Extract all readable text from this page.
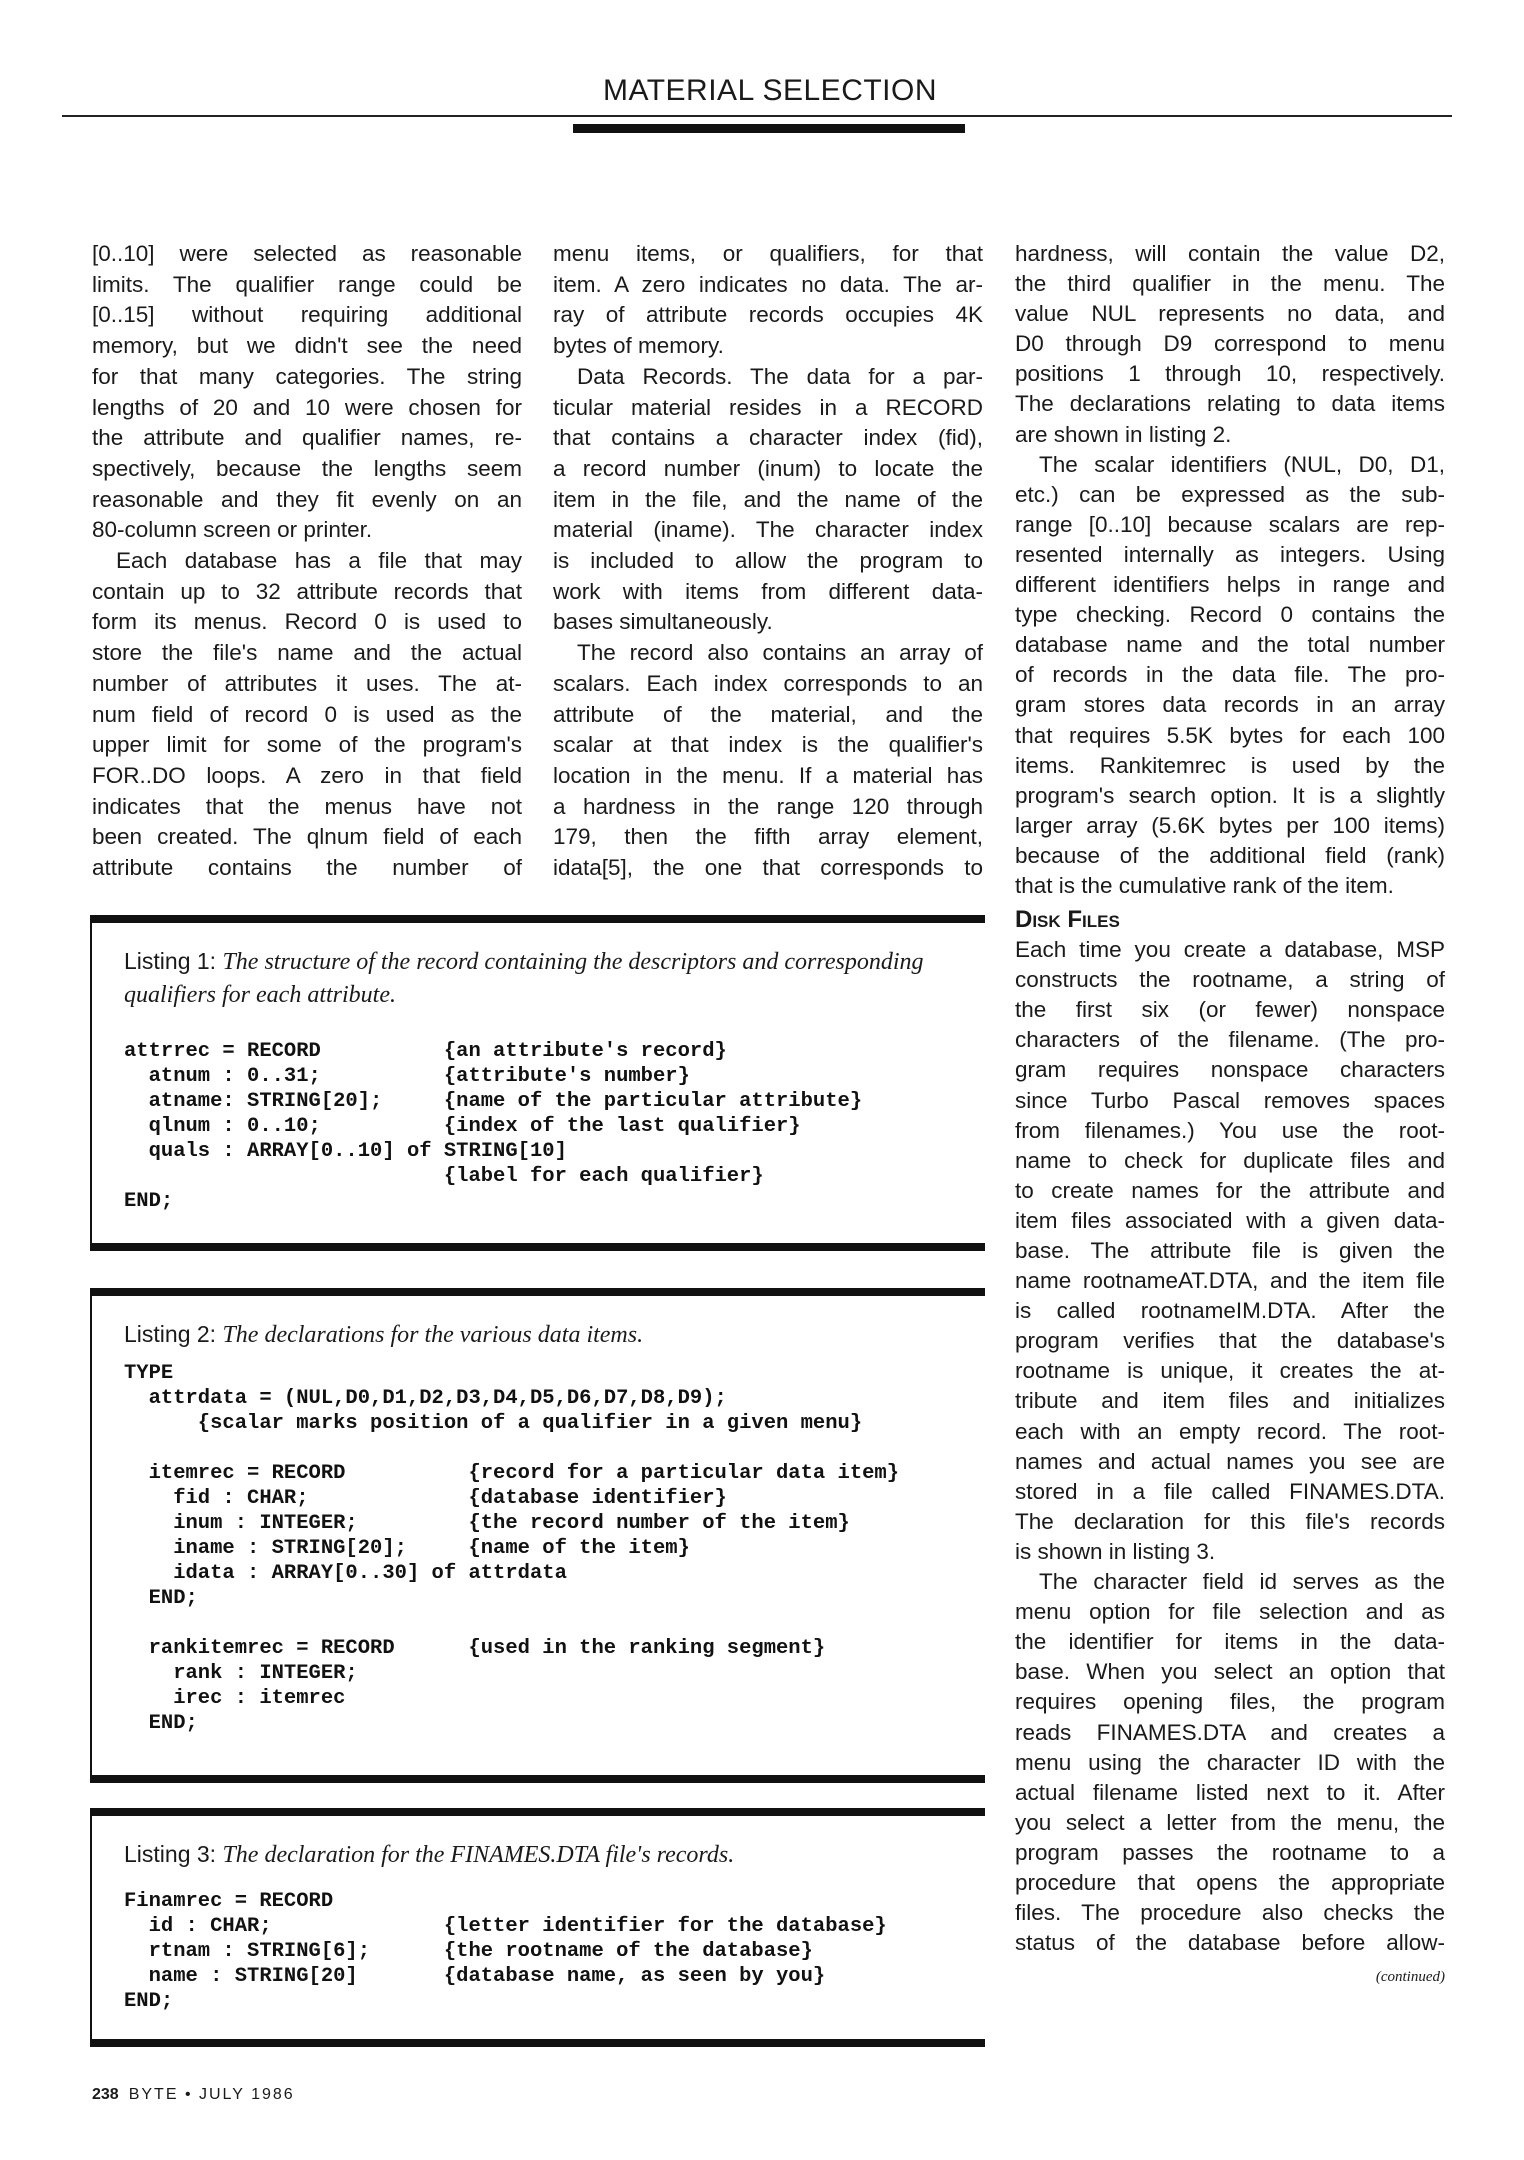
MATERIAL SELECTION
[0..10] were selected as reasonable
limits. The qualifier range could be
[0..15] without requiring additional
memory, but we didn't see the need
for that many categories. The string
lengths of 20 and 10 were chosen for
the attribute and qualifier names, re-
spectively, because the lengths seem
reasonable and they fit evenly on an
80-column screen or printer.
Each database has a file that may
contain up to 32 attribute records that
form its menus. Record 0 is used to
store the file's name and the actual
number of attributes it uses. The at-
num field of record 0 is used as the
upper limit for some of the program's
FOR..DO loops. A zero in that field
indicates that the menus have not
been created. The qlnum field of each
attribute contains the number of
menu items, or qualifiers, for that
item. A zero indicates no data. The ar-
ray of attribute records occupies 4K
bytes of memory.
Data Records. The data for a par-
ticular material resides in a RECORD
that contains a character index (fid),
a record number (inum) to locate the
item in the file, and the name of the
material (iname). The character index
is included to allow the program to
work with items from different data-
bases simultaneously.
The record also contains an array of
scalars. Each index corresponds to an
attribute of the material, and the
scalar at that index is the qualifier's
location in the menu. If a material has
a hardness in the range 120 through
179, then the fifth array element,
idata[5], the one that corresponds to
hardness, will contain the value D2,
the third qualifier in the menu. The
value NUL represents no data, and
D0 through D9 correspond to menu
positions 1 through 10, respectively.
The declarations relating to data items
are shown in listing 2.
The scalar identifiers (NUL, D0, D1,
etc.) can be expressed as the sub-
range [0..10] because scalars are rep-
resented internally as integers. Using
different identifiers helps in range and
type checking. Record 0 contains the
database name and the total number
of records in the data file. The pro-
gram stores data records in an array
that requires 5.5K bytes for each 100
items. Rankitemrec is used by the
program's search option. It is a slightly
larger array (5.6K bytes per 100 items)
because of the additional field (rank)
that is the cumulative rank of the item.
Disk Files
Each time you create a database, MSP
constructs the rootname, a string of
the first six (or fewer) nonspace
characters of the filename. (The pro-
gram requires nonspace characters
since Turbo Pascal removes spaces
from filenames.) You use the root-
name to check for duplicate files and
to create names for the attribute and
item files associated with a given data-
base. The attribute file is given the
name rootnameAT.DTA, and the item file
is called rootnameIM.DTA. After the
program verifies that the database's
rootname is unique, it creates the at-
tribute and item files and initializes
each with an empty record. The root-
names and actual names you see are
stored in a file called FINAMES.DTA.
The declaration for this file's records
is shown in listing 3.
The character field id serves as the
menu option for file selection and as
the identifier for items in the data-
base. When you select an option that
requires opening files, the program
reads FINAMES.DTA and creates a
menu using the character ID with the
actual filename listed next to it. After
you select a letter from the menu, the
program passes the rootname to a
procedure that opens the appropriate
files. The procedure also checks the
status of the database before allow-
(continued)
Listing 1: The structure of the record containing the descriptors and corresponding qualifiers for each attribute.
attrrec = RECORD          {an attribute's record}
atnum : 0..31;          {attribute's number}
atname: STRING[20];     {name of the particular attribute}
qlnum : 0..10;          {index of the last qualifier}
quals : ARRAY[0..10] of STRING[10]
{label for each qualifier}
END;
Listing 2: The declarations for the various data items.
TYPE
attrdata = (NUL,D0,D1,D2,D3,D4,D5,D6,D7,D8,D9);
{scalar marks position of a qualifier in a given menu}

itemrec = RECORD          {record for a particular data item}
fid : CHAR;             {database identifier}
inum : INTEGER;         {the record number of the item}
iname : STRING[20];     {name of the item}
idata : ARRAY[0..30] of attrdata
END;

rankitemrec = RECORD      {used in the ranking segment}
rank : INTEGER;
irec : itemrec
END;
Listing 3: The declaration for the FINAMES.DTA file's records.
Finamrec = RECORD
id : CHAR;              {letter identifier for the database}
rtnam : STRING[6];      {the rootname of the database}
name : STRING[20]       {database name, as seen by you}
END;
238 BYTE • JULY 1986
